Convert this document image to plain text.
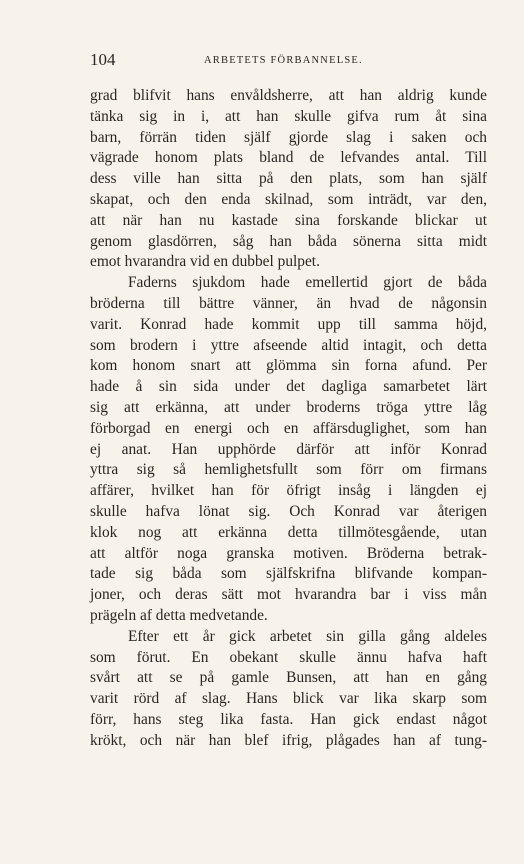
104	ARBETETS FÖRBANNELSE.
grad blifvit hans envåldsherre, att han aldrig kunde
tänka sig in i, att han skulle gifva rum åt sina
barn, förrän tiden själf gjorde slag i saken och
vägrade honom plats bland de lefvandes antal. Till
dess ville han sitta på den plats, som han själf
skapat, och den enda skilnad, som inträdt, var den,
att när han nu kastade sina forskande blickar ut
genom glasdörren, såg han båda sönerna sitta midt
emot hvarandra vid en dubbel pulpet.
Faderns sjukdom hade emellertid gjort de båda
bröderna till bättre vänner, än hvad de någonsin
varit. Konrad hade kommit upp till samma höjd,
som brodern i yttre afseende altid intagit, och detta
kom honom snart att glömma sin forna afund. Per
hade å sin sida under det dagliga samarbetet lärt
sig att erkänna, att under broderns tröga yttre låg
förborgad en energi och en affärsduglighet, som han
ej anat. Han upphörde därför att inför Konrad
yttra sig så hemlighetsfullt som förr om firmans
affärer, hvilket han för öfrigt insåg i längden ej
skulle hafva lönat sig. Och Konrad var återigen
klok nog att erkänna detta tillmötesgående, utan
att altför noga granska motiven. Bröderna betrak-
tade sig båda som själfskrifna blifvande kompan-
joner, och deras sätt mot hvarandra bar i viss mån
prägeln af detta medvetande.
Efter ett år gick arbetet sin gilla gång aldeles
som förut. En obekant skulle ännu hafva haft
svårt att se på gamle Bunsen, att han en gång
varit rörd af slag. Hans blick var lika skarp som
förr, hans steg lika fasta. Han gick endast något
krökt, och när han blef ifrig, plågades han af tung-
